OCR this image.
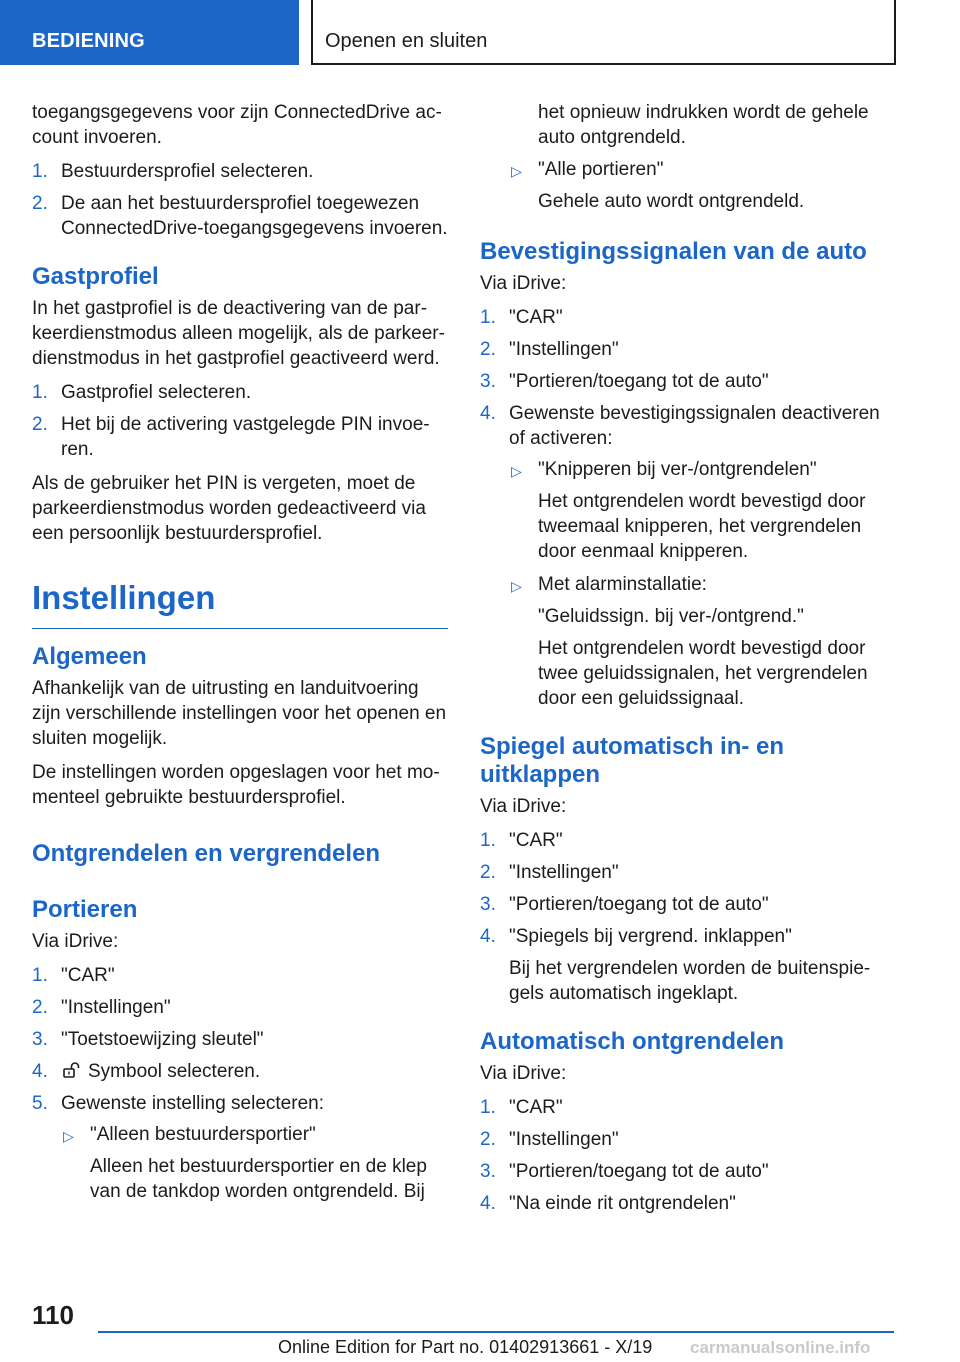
BEDIENING	Openen en sluiten

toegangsgegevens voor zijn ConnectedDrive account invoeren.

1. Bestuurdersprofiel selecteren.
2. De aan het bestuurdersprofiel toegewezen ConnectedDrive-toegangsgegevens invoeren.
Gastprofiel

In het gastprofiel is de deactivering van de parkeerdienstmodus alleen mogelijk, als de parkeerdienstmodus in het gastprofiel geactiveerd werd.

1. Gastprofiel selecteren.
2. Het bij de activering vastgelegde PIN invoeren.

Als de gebruiker het PIN is vergeten, moet de parkeerdienstmodus worden gedeactiveerd via een persoonlijk bestuurdersprofiel.

Instellingen
Algemeen

Afhankelijk van de uitrusting en landuitvoering zijn verschillende instellingen voor het openen en sluiten mogelijk.

De instellingen worden opgeslagen voor het momenteel gebruikte bestuurdersprofiel.

Ontgrendelen en vergrendelen
Portieren

Via iDrive:

1. "CAR"
2. "Instellingen"
3. "Toetstoewijzing sleutel"
4. Symbool selecteren.
5. Gewenste instelling selecteren:
▷ "Alleen bestuurdersportier"
Alleen het bestuurdersportier en de klep van de tankdop worden ontgrendeld. Bij

het opnieuw indrukken wordt de gehele auto ontgrendeld.

▷ "Alle portieren"
Gehele auto wordt ontgrendeld.
Bevestigingssignalen van de auto

Via iDrive:

1. "CAR"
2. "Instellingen"
3. "Portieren/toegang tot de auto"
4. Gewenste bevestigingssignalen deactiveren of activeren:
▷ "Knipperen bij ver-/ontgrendelen"
Het ontgrendelen wordt bevestigd door tweemaal knipperen, het vergrendelen door eenmaal knipperen.
▷ Met alarminstallatie:
"Geluidssign. bij ver-/ontgrend."
Het ontgrendelen wordt bevestigd door twee geluidssignalen, het vergrendelen door een geluidssignaal.
Spiegel automatisch in- en uitklappen

Via iDrive:

1. "CAR"
2. "Instellingen"
3. "Portieren/toegang tot de auto"
4. "Spiegels bij vergrend. inklappen"
Bij het vergrendelen worden de buitenspiegels automatisch ingeklapt.
Automatisch ontgrendelen

Via iDrive:

1. "CAR"
2. "Instellingen"
3. "Portieren/toegang tot de auto"
4. "Na einde rit ontgrendelen"
110
Online Edition for Part no. 01402913661 - X/19 carmanualsonline.info
